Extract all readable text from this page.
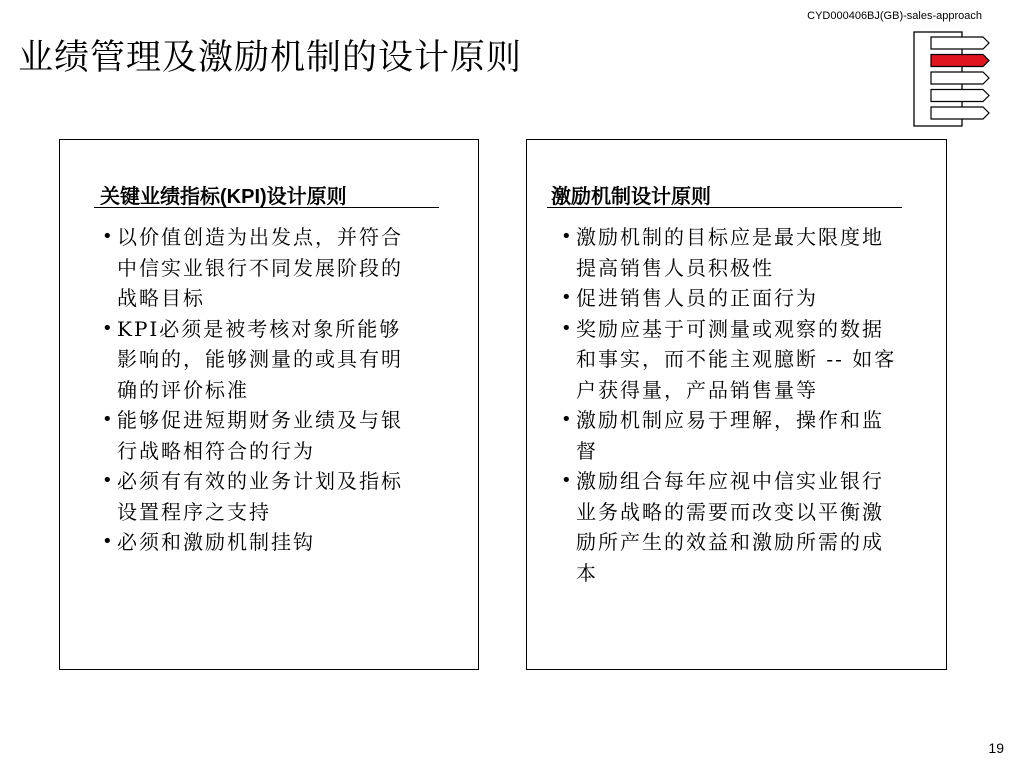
CYD000406BJ(GB)-sales-approach
业绩管理及激励机制的设计原则
关键业绩指标(KPI)设计原则
• 以价值创造为出发点，并符合中信实业银行不同发展阶段的战略目标
• KPI必须是被考核对象所能够影响的，能够测量的或具有明确的评价标准
• 能够促进短期财务业绩及与银行战略相符合的行为
• 必须有有效的业务计划及指标设置程序之支持
• 必须和激励机制挂钩
激励机制设计原则
• 激励机制的目标应是最大限度地提高销售人员积极性
• 促进销售人员的正面行为
• 奖励应基于可测量或观察的数据和事实，而不能主观臆断 -- 如客户获得量，产品销售量等
• 激励机制应易于理解，操作和监督
• 激励组合每年应视中信实业银行业务战略的需要而改变以平衡激励所产生的效益和激励所需的成本
19
